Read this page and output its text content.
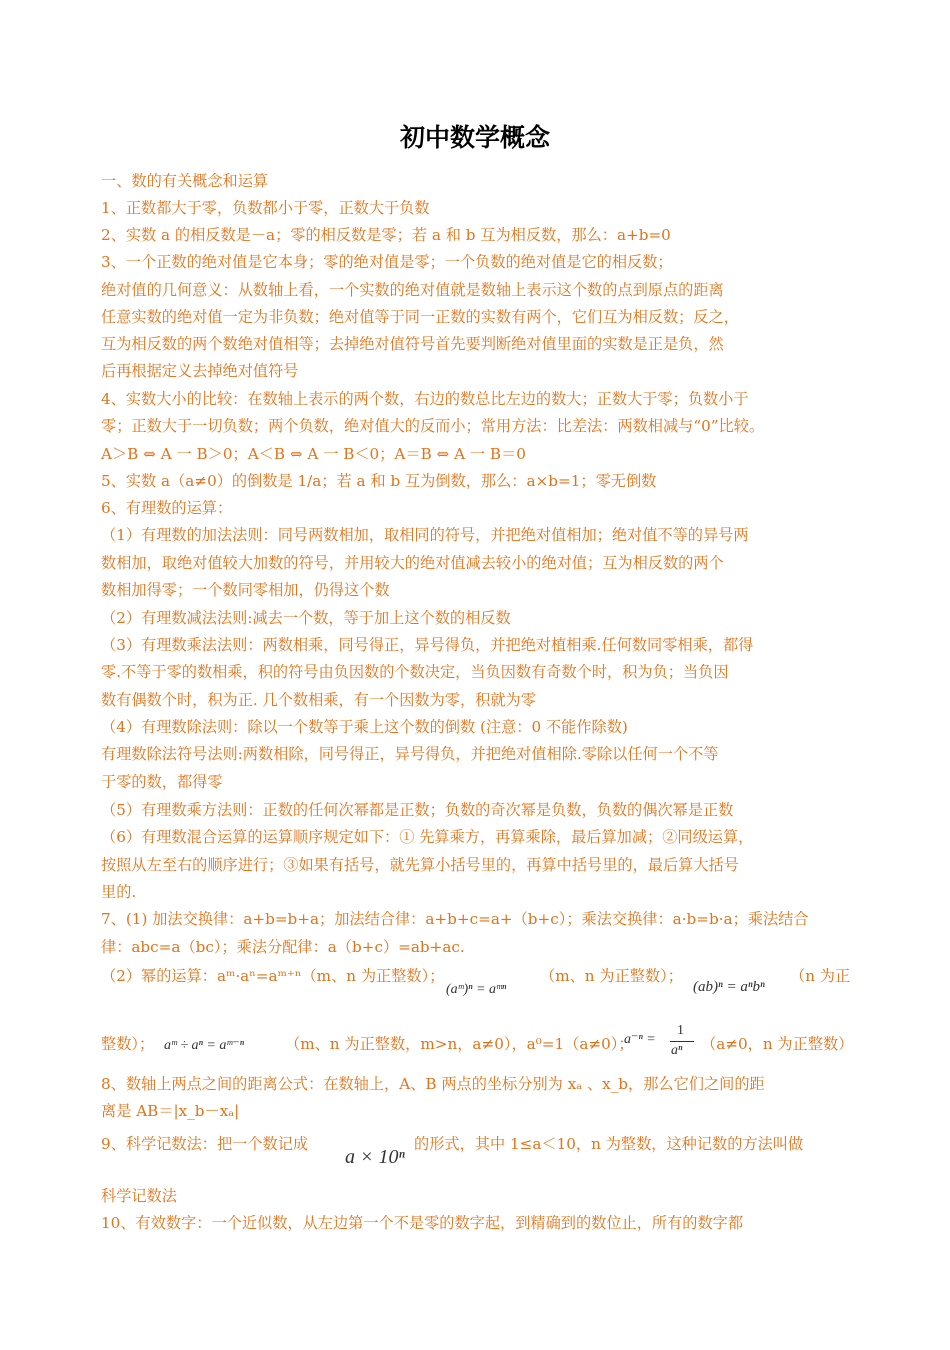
初中数学概念
一、数的有关概念和运算
1、正数都大于零，负数都小于零，正数大于负数
2、实数 a 的相反数是－a；零的相反数是零；若 a 和 b 互为相反数，那么：a+b=0
3、一个正数的绝对值是它本身；零的绝对值是零；一个负数的绝对值是它的相反数；
绝对值的几何意义：从数轴上看，一个实数的绝对值就是数轴上表示这个数的点到原点的距离
任意实数的绝对值一定为非负数；绝对值等于同一正数的实数有两个，它们互为相反数；反之，
互为相反数的两个数绝对值相等；去掉绝对值符号首先要判断绝对值里面的实数是正是负，然
后再根据定义去掉绝对值符号
4、实数大小的比较：在数轴上表示的两个数，右边的数总比左边的数大；正数大于零；负数小于
零；正数大于一切负数；两个负数，绝对值大的反而小；常用方法：比差法：两数相减与“0”比较。
A＞B ⇔ A 一 B＞0；A＜B ⇔ A 一 B＜0；A＝B ⇔ A 一 B＝0
5、实数 a（a≠0）的倒数是 1/a；若 a 和 b 互为倒数，那么：a×b=1；零无倒数
6、有理数的运算：
（1）有理数的加法法则：同号两数相加，取相同的符号，并把绝对值相加；绝对值不等的异号两
数相加，取绝对值较大加数的符号，并用较大的绝对值减去较小的绝对值；互为相反数的两个
数相加得零；一个数同零相加，仍得这个数
（2）有理数减法法则:减去一个数，等于加上这个数的相反数
（3）有理数乘法法则：两数相乘，同号得正，异号得负，并把绝对植相乘.任何数同零相乘，都得
零.不等于零的数相乘，积的符号由负因数的个数决定，当负因数有奇数个时，积为负；当负因
数有偶数个时，积为正. 几个数相乘，有一个因数为零，积就为零
（4）有理数除法则：除以一个数等于乘上这个数的倒数 (注意：0 不能作除数)
有理数除法符号法则:两数相除，同号得正，异号得负，并把绝对值相除.零除以任何一个不等
于零的数，都得零
（5）有理数乘方法则：正数的任何次幂都是正数；负数的奇次幂是负数，负数的偶次幂是正数
（6）有理数混合运算的运算顺序规定如下：① 先算乘方，再算乘除，最后算加减；②同级运算，
按照从左至右的顺序进行；③如果有括号，就先算小括号里的，再算中括号里的，最后算大括号
里的.
7、(1) 加法交换律：a+b=b+a；加法结合律：a+b+c=a+（b+c）；乘法交换律：a·b=b·a；乘法结合
律：abc=a（bc）；乘法分配律：a（b+c）=ab+ac.
（2）幂的运算：aᵐ·aⁿ=aᵐ⁺ⁿ（m、n 为正整数）；
(aᵐ)ⁿ = aᵐⁿ
（m、n 为正整数）；
(ab)ⁿ = aⁿbⁿ
（n 为正
整数）； aᵐ ÷ aⁿ = aᵐ⁻ⁿ	（m、n 为正整数，m>n，a≠0），a⁰=1（a≠0）；
a⁻ⁿ =
1
aⁿ （a≠0，n 为正整数）
8、数轴上两点之间的距离公式：在数轴上，A、B 两点的坐标分别为 xₐ 、x_b，那么它们之间的距
离是 AB＝|x_b－xₐ|
9、科学记数法：把一个数记成
a × 10ⁿ
的形式，其中 1≤a＜10，n 为整数，这种记数的方法叫做
科学记数法
10、有效数字：一个近似数，从左边第一个不是零的数字起，到精确到的数位止，所有的数字都
